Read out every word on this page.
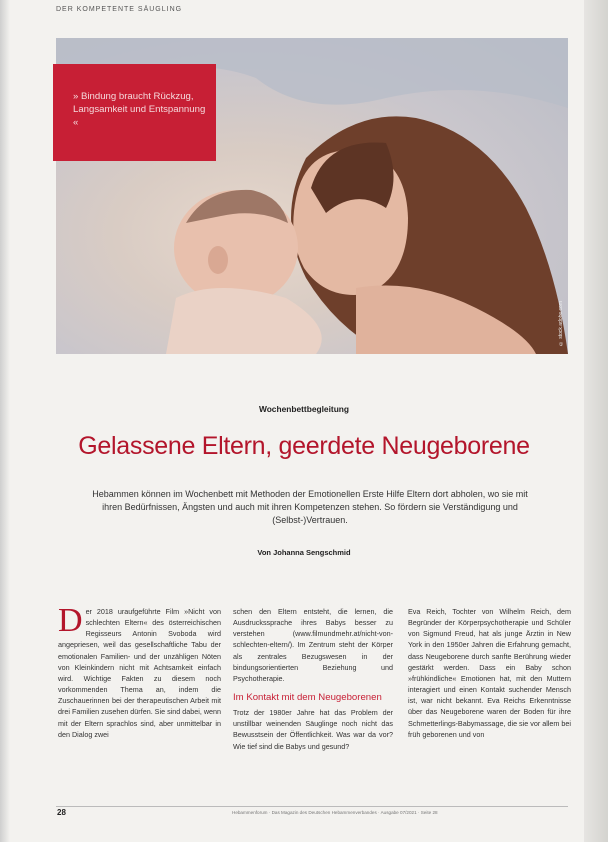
DER KOMPETENTE SÄUGLING
© stock.adobe.com
» Bindung braucht Rückzug, Langsamkeit und Entspannung «
Wochenbettbegleitung
Gelassene Eltern, geerdete Neugeborene
Hebammen können im Wochenbett mit Methoden der Emotionellen Erste Hilfe Eltern dort abholen, wo sie mit ihren Bedürfnissen, Ängsten und auch mit ihren Kompetenzen stehen. So fördern sie Verständigung und (Selbst-)Vertrauen.
Von Johanna Sengschmid
Der 2018 uraufgeführte Film »Nicht von schlechten Eltern« des österreichischen Regisseurs Antonin Svoboda wird angepriesen, weil das gesellschaftliche Tabu der emotionalen Familien- und der unzähligen Nöten von Kleinkindern nicht mit Achtsamkeit einfach wird. Wichtige Fakten zu diesem noch vorkommenden Thema an, indem die Zuschauerinnen bei der therapeutischen Arbeit mit drei Familien zusehen dürfen. Sie sind dabei, wenn mit der Eltern sprachlos sind, aber unmittelbar in den Dialog zwei
schen den Eltern entsteht, die lernen, die Ausdruckssprache ihres Babys besser zu verstehen (www.filmundmehr.at/nicht-von-schlechten-eltern/). Im Zentrum steht der Körper als zentrales Bezugswesen in der bindungsorientierten Beziehung und Psychotherapie.
Im Kontakt mit dem Neugeborenen
Trotz der 1980er Jahre hat das Problem der unstillbar weinenden Säuglinge noch nicht das Bewusstsein der Öffentlichkeit. Was war da vor? Wie tief sind die Babys und gesund?
Eva Reich, Tochter von Wilhelm Reich, dem Begründer der Körperpsychotherapie und Schüler von Sigmund Freud, hat als junge Ärztin in New York in den 1950er Jahren die Erfahrung gemacht, dass Neugeborene durch sanfte Berührung wieder gestärkt werden. Dass ein Baby schon »frühkindliche« Emotionen hat, mit den Muttern interagiert und einen Kontakt suchender Mensch ist, war nicht bekannt. Eva Reichs Erkenntnisse über das Neugeborene waren der Boden für ihre Schmetterlings-Babymassage, die sie vor allem bei früh geborenen und von
28	Hebammenforum · Das Magazin des Deutschen Hebammenverbandes · Ausgabe 07/2021 · Seite 28
